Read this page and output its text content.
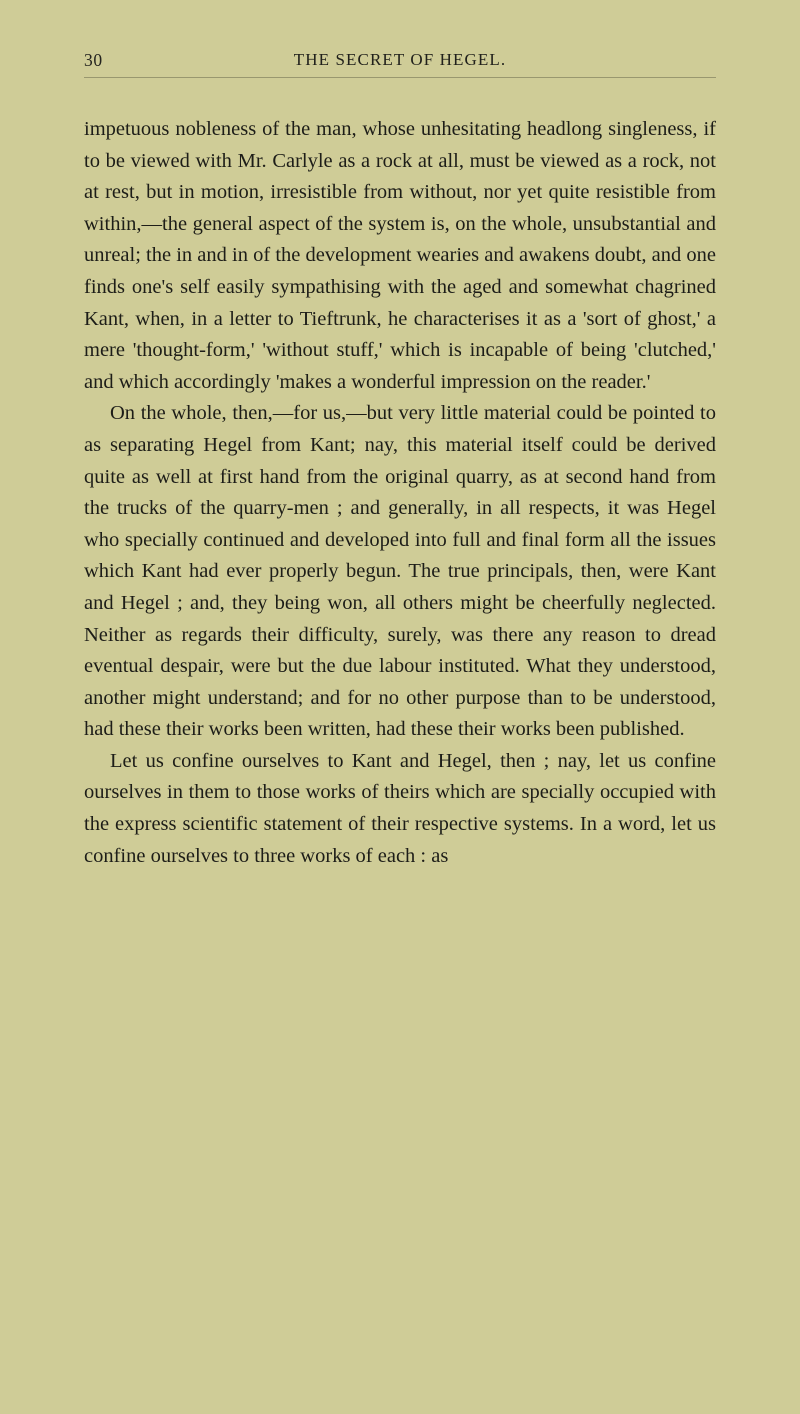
30	THE SECRET OF HEGEL.

impetuous nobleness of the man, whose unhesitating headlong singleness, if to be viewed with Mr. Carlyle as a rock at all, must be viewed as a rock, not at rest, but in motion, irresistible from without, nor yet quite resistible from within,—the general aspect of the system is, on the whole, unsubstantial and unreal; the in and in of the development wearies and awakens doubt, and one finds one's self easily sympathising with the aged and somewhat chagrined Kant, when, in a letter to Tieftrunk, he characterises it as a 'sort of ghost,' a mere 'thought-form,' 'without stuff,' which is incapable of being 'clutched,' and which accordingly 'makes a wonderful impression on the reader.'

On the whole, then,—for us,—but very little material could be pointed to as separating Hegel from Kant; nay, this material itself could be derived quite as well at first hand from the original quarry, as at second hand from the trucks of the quarry-men ; and generally, in all respects, it was Hegel who specially continued and developed into full and final form all the issues which Kant had ever properly begun. The true principals, then, were Kant and Hegel ; and, they being won, all others might be cheerfully neglected. Neither as regards their difficulty, surely, was there any reason to dread eventual despair, were but the due labour instituted. What they understood, another might understand; and for no other purpose than to be understood, had these their works been written, had these their works been published.

Let us confine ourselves to Kant and Hegel, then ; nay, let us confine ourselves in them to those works of theirs which are specially occupied with the express scientific statement of their respective systems. In a word, let us confine ourselves to three works of each : as
